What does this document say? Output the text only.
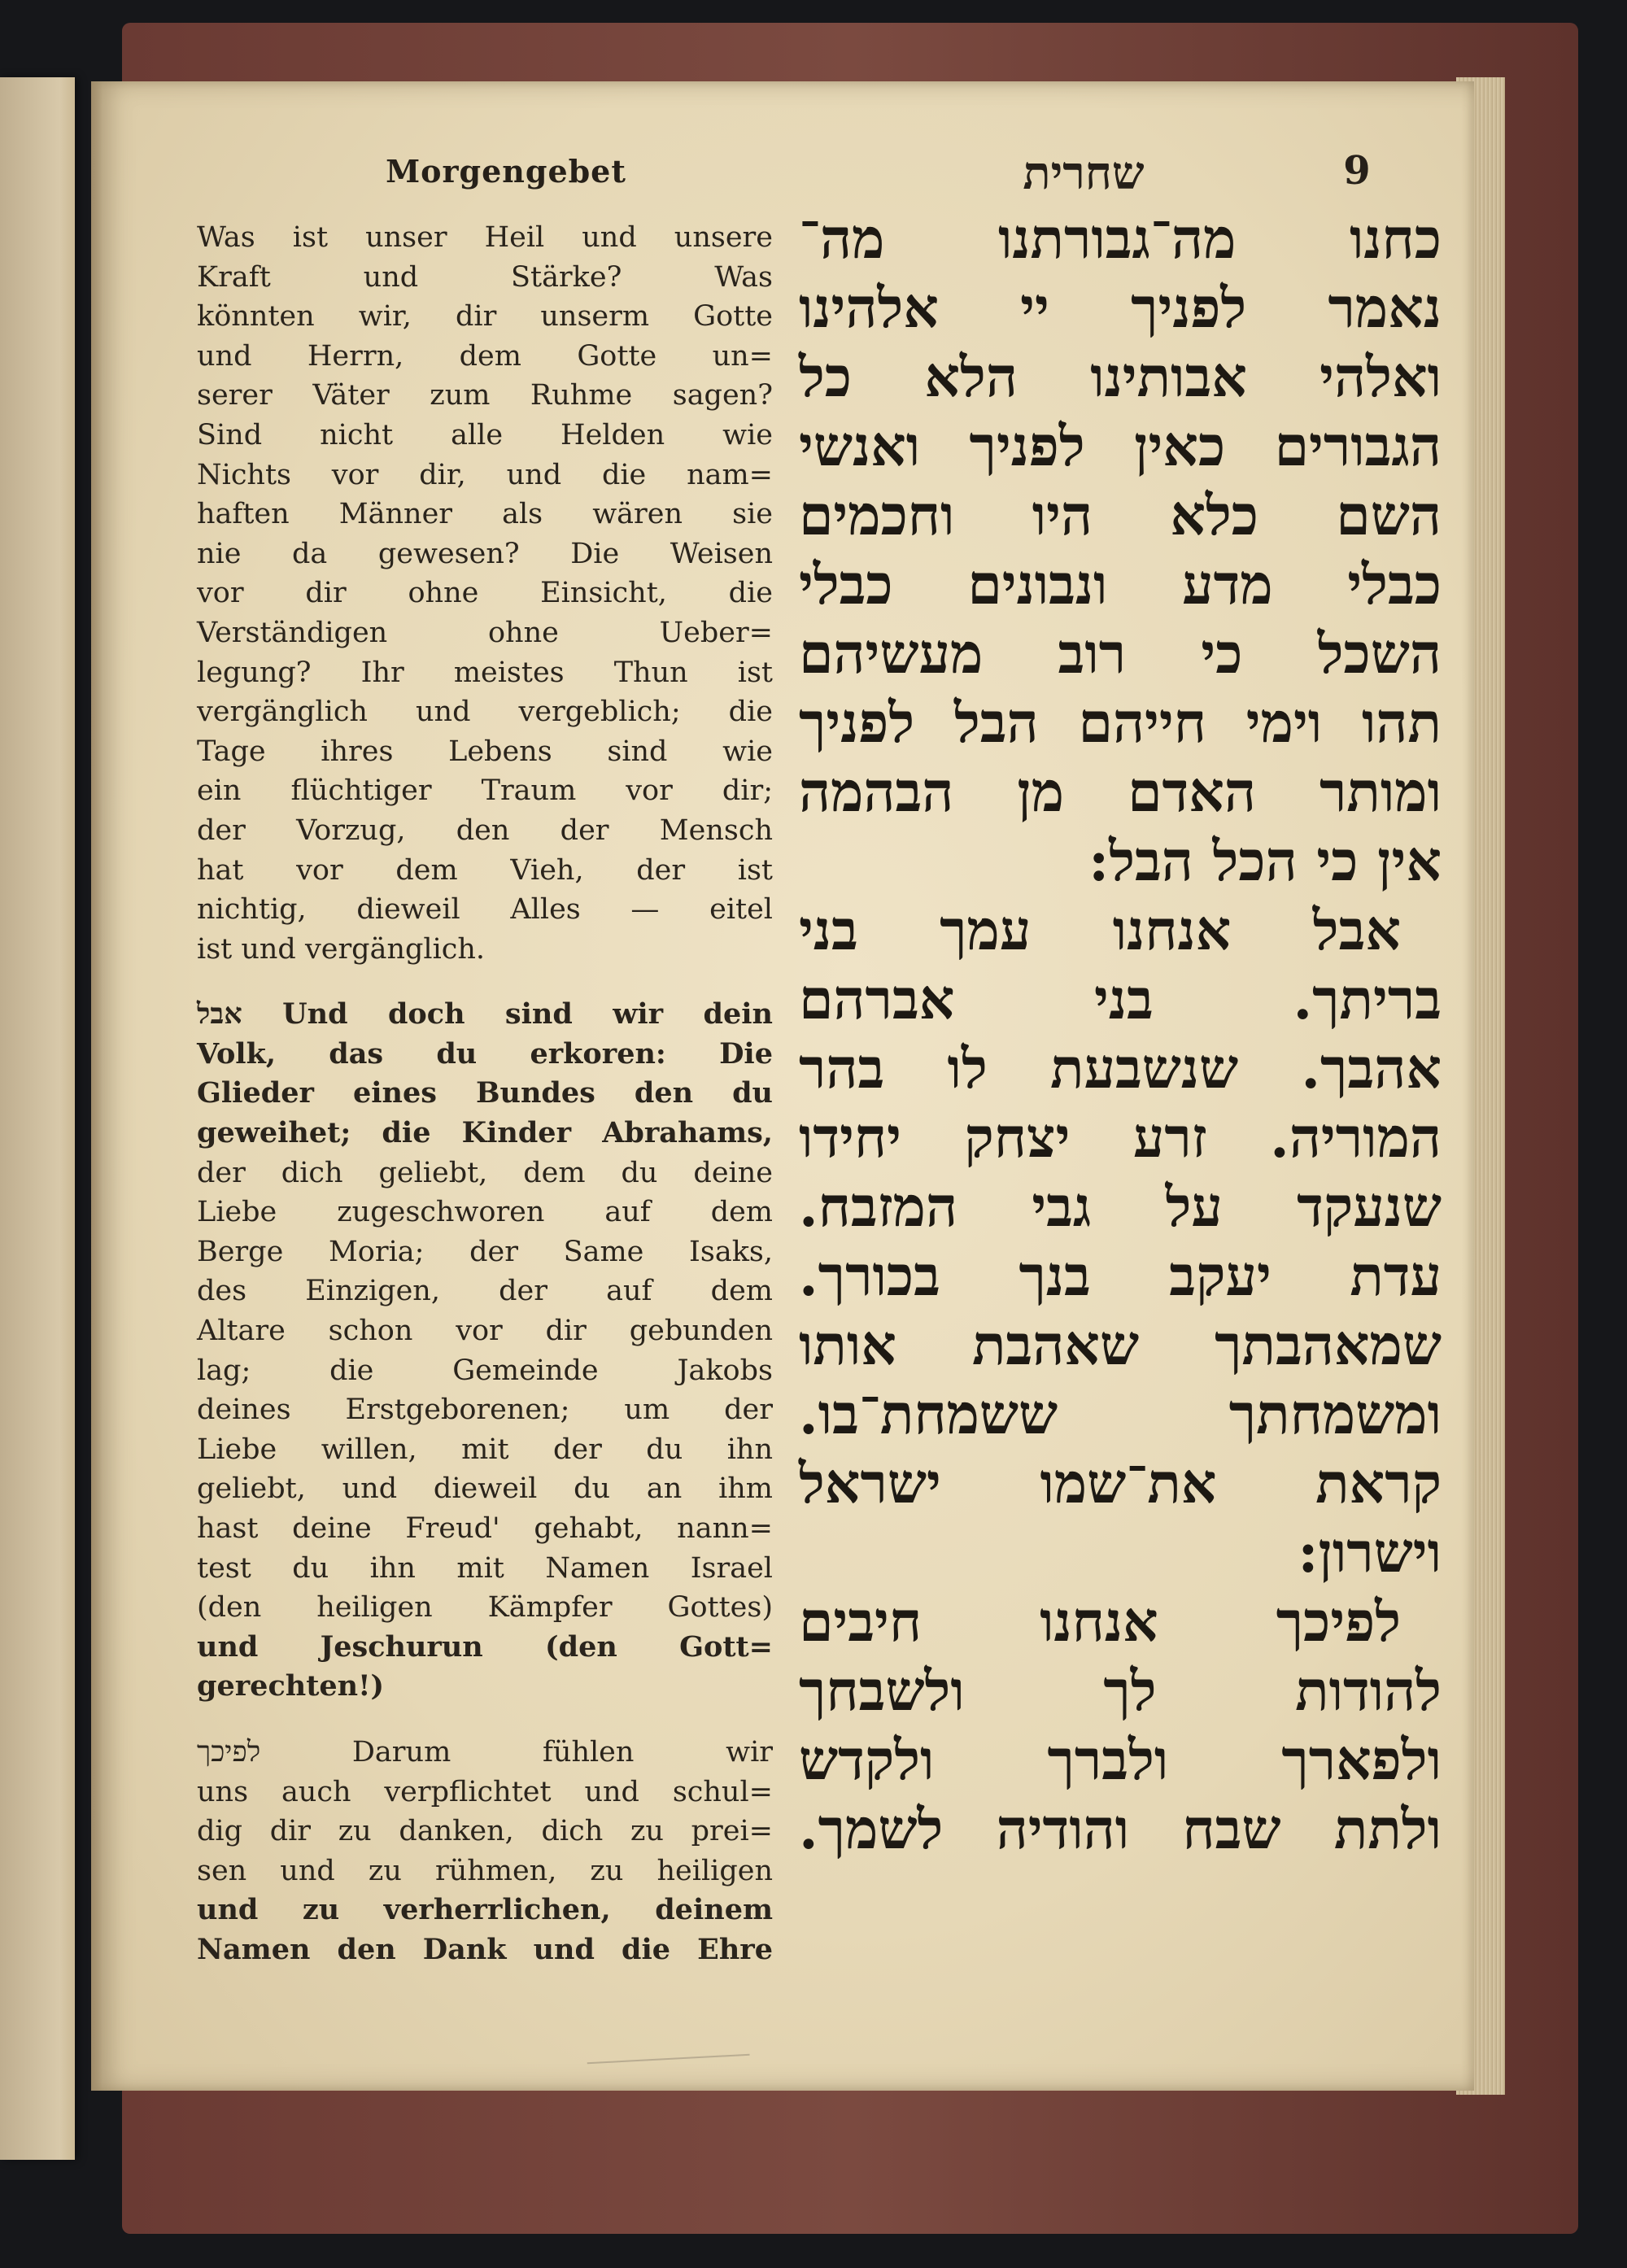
Morgengebet	שחרית	9
Was ist unser Heil und unsere
Kraft und Stärke? Was
könnten wir, dir unserm Gotte
und Herrn, dem Gotte un=
serer Väter zum Ruhme sagen?
Sind nicht alle Helden wie
Nichts vor dir, und die nam=
haften Männer als wären sie
nie da gewesen? Die Weisen
vor dir ohne Einsicht, die
Verständigen ohne Ueber=
legung? Ihr meistes Thun ist
vergänglich und vergeblich; die
Tage ihres Lebens sind wie
ein flüchtiger Traum vor dir;
der Vorzug, den der Mensch
hat vor dem Vieh, der ist
nichtig, dieweil Alles — eitel
ist und vergänglich.
אבל Und doch sind wir dein
Volk, das du erkoren: Die
Glieder eines Bundes den du
geweihet; die Kinder Abrahams,
der dich geliebt, dem du deine
Liebe zugeschworen auf dem
Berge Moria; der Same Isaks,
des Einzigen, der auf dem
Altare schon vor dir gebunden
lag; die Gemeinde Jakobs
deines Erstgeborenen; um der
Liebe willen, mit der du ihn
geliebt, und dieweil du an ihm
hast deine Freud' gehabt, nann=
test du ihn mit Namen Israel
(den heiligen Kämpfer Gottes)
und Jeschurun (den Gott=
gerechten!)
לפיכך Darum fühlen wir
uns auch verpflichtet und schul=
dig dir zu danken, dich zu prei=
sen und zu rühmen, zu heiligen
und zu verherrlichen, deinem
Namen den Dank und die Ehre
כחנו מה־גבורתנו מה־
נאמר לפניך יי אלהינו
ואלהי אבותינו הלא כל
הגבורים כאין לפניך ואנשי
השם כלא היו וחכמים
כבלי מדע ונבונים כבלי
השכל כי רוב מעשיהם
תהו וימי חייהם הבל לפניך
ומותר האדם מן הבהמה
אין כי הכל הבל:
אבל אנחנו עמך בני
בריתך. בני אברהם
אהבך. שנשבעת לו בהר
המוריה. זרע יצחק יחידו
שנעקד על גבי המזבח.
עדת יעקב בנך בכורך.
שמאהבתך שאהבת אותו
ומשמחתך ששמחת־בו.
קראת את־שמו ישראל
וישרון:
לפיכך אנחנו חיבים
להודות לך ולשבחך
ולפארך ולברך ולקדש
ולתת שבח והודיה לשמך.
